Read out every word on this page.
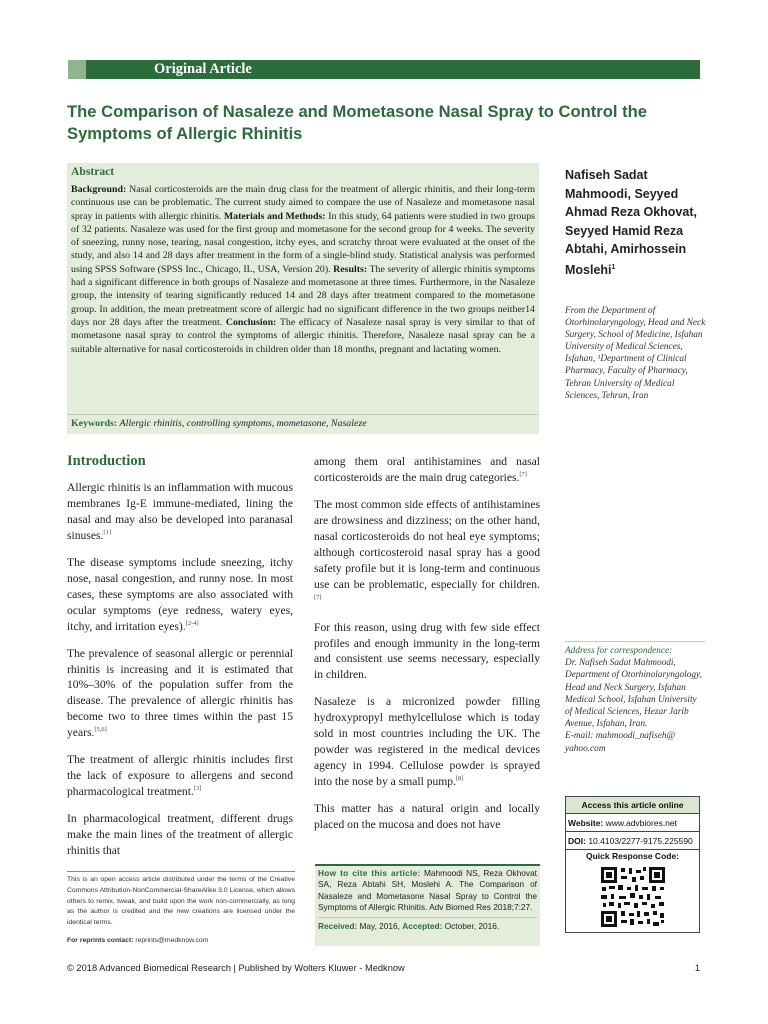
Original Article
The Comparison of Nasaleze and Mometasone Nasal Spray to Control the Symptoms of Allergic Rhinitis
Abstract
Background: Nasal corticosteroids are the main drug class for the treatment of allergic rhinitis, and their long-term continuous use can be problematic. The current study aimed to compare the use of Nasaleze and mometasone nasal spray in patients with allergic rhinitis. Materials and Methods: In this study, 64 patients were studied in two groups of 32 patients. Nasaleze was used for the first group and mometasone for the second group for 4 weeks. The severity of sneezing, runny nose, tearing, nasal congestion, itchy eyes, and scratchy throat were evaluated at the onset of the study, and also 14 and 28 days after treatment in the form of a single-blind study. Statistical analysis was performed using SPSS Software (SPSS Inc., Chicago, IL, USA, Version 20). Results: The severity of allergic rhinitis symptoms had a significant difference in both groups of Nasaleze and mometasone at three times. Furthermore, in the Nasaleze group, the intensity of tearing significantly reduced 14 and 28 days after treatment compared to the mometasone group. In addition, the mean pretreatment score of allergic had no significant difference in the two groups neither14 days nor 28 days after the treatment. Conclusion: The efficacy of Nasaleze nasal spray is very similar to that of mometasone nasal spray to control the symptoms of allergic rhinitis. Therefore, Nasaleze nasal spray can be a suitable alternative for nasal corticosteroids in children older than 18 months, pregnant and lactating women.
Keywords: Allergic rhinitis, controlling symptoms, mometasone, Nasaleze
Nafiseh Sadat Mahmoodi, Seyyed Ahmad Reza Okhovat, Seyyed Hamid Reza Abtahi, Amirhossein Moslehi$^1$
From the Department of Otorhinolaryngology, Head and Neck Surgery, School of Medicine, Isfahan University of Medical Sciences, Isfahan, ¹Department of Clinical Pharmacy, Faculty of Pharmacy, Tehran University of Medical Sciences, Tehran, Iran
Address for correspondence:
Dr. Nafiseh Sadat Mahmoodi, Department of Otorhinolaryngology, Head and Neck Surgery, Isfahan Medical School, Isfahan University of Medical Sciences, Hezar Jarib Avenue, Isfahan, Iran.
E-mail: mahmoodi_nafiseh@ yahoo.com
Access this article online
Website: www.advbiores.net
DOI: 10.4103/2277-9175.225590
Quick Response Code:
Introduction

Allergic rhinitis is an inflammation with mucous membranes Ig-E immune-mediated, lining the nasal and may also be developed into paranasal sinuses.[1]

The disease symptoms include sneezing, itchy nose, nasal congestion, and runny nose. In most cases, these symptoms are also associated with ocular symptoms (eye redness, watery eyes, itchy, and irritation eyes).[2-4]

The prevalence of seasonal allergic or perennial rhinitis is increasing and it is estimated that 10%–30% of the population suffer from the disease. The prevalence of allergic rhinitis has become two to three times within the past 15 years.[5,6]

The treatment of allergic rhinitis includes first the lack of exposure to allergens and second pharmacological treatment.[3]

In pharmacological treatment, different drugs make the main lines of the treatment of allergic rhinitis that

among them oral antihistamines and nasal corticosteroids are the main drug categories.[7]

The most common side effects of antihistamines are drowsiness and dizziness; on the other hand, nasal corticosteroids do not heal eye symptoms; although corticosteroid nasal spray has a good safety profile but it is long-term and continuous use can be problematic, especially for children.[7]

For this reason, using drug with few side effect profiles and enough immunity in the long-term and consistent use seems necessary, especially in children.

Nasaleze is a micronized powder filling hydroxypropyl methylcellulose which is today sold in most countries including the UK. The powder was registered in the medical devices agency in 1994. Cellulose powder is sprayed into the nose by a small pump.[8]

This matter has a natural origin and locally placed on the mucosa and does not have

This is an open access article distributed under the terms of the Creative Commons Attribution-NonCommercial-ShareAlike 3.0 License, which allows others to remix, tweak, and build upon the work non-commercially, as long as the author is credited and the new creations are licensed under the identical terms.
For reprints contact: reprints@medknow.com
How to cite this article: Mahmoodi NS, Reza Okhovat SA, Reza Abtahi SH, Moslehi A. The Comparison of Nasaleze and Mometasone Nasal Spray to Control the Symptoms of Allergic Rhinitis. Adv Biomed Res 2018;7:27.
Received: May, 2016, Accepted: October, 2016.
© 2018 Advanced Biomedical Research | Published by Wolters Kluwer - Medknow	1
